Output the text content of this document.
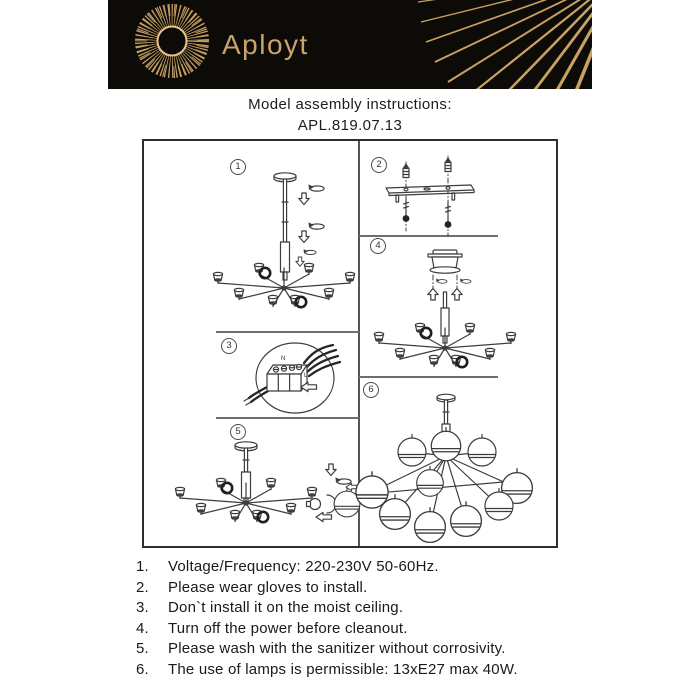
Aployt
Model assembly instructions:
APL.819.07.13
N
L
1	2
3
4
5
6
1.	Voltage/Frequency: 220-230V 50-60Hz.
2.	Please wear gloves to install.
3.	Don`t install it on the moist ceiling.
4.	Turn off the power before cleanout.
5.	Please wash with the sanitizer without corrosivity.
6.	The use of lamps is permissible: 13xE27 max 40W.
